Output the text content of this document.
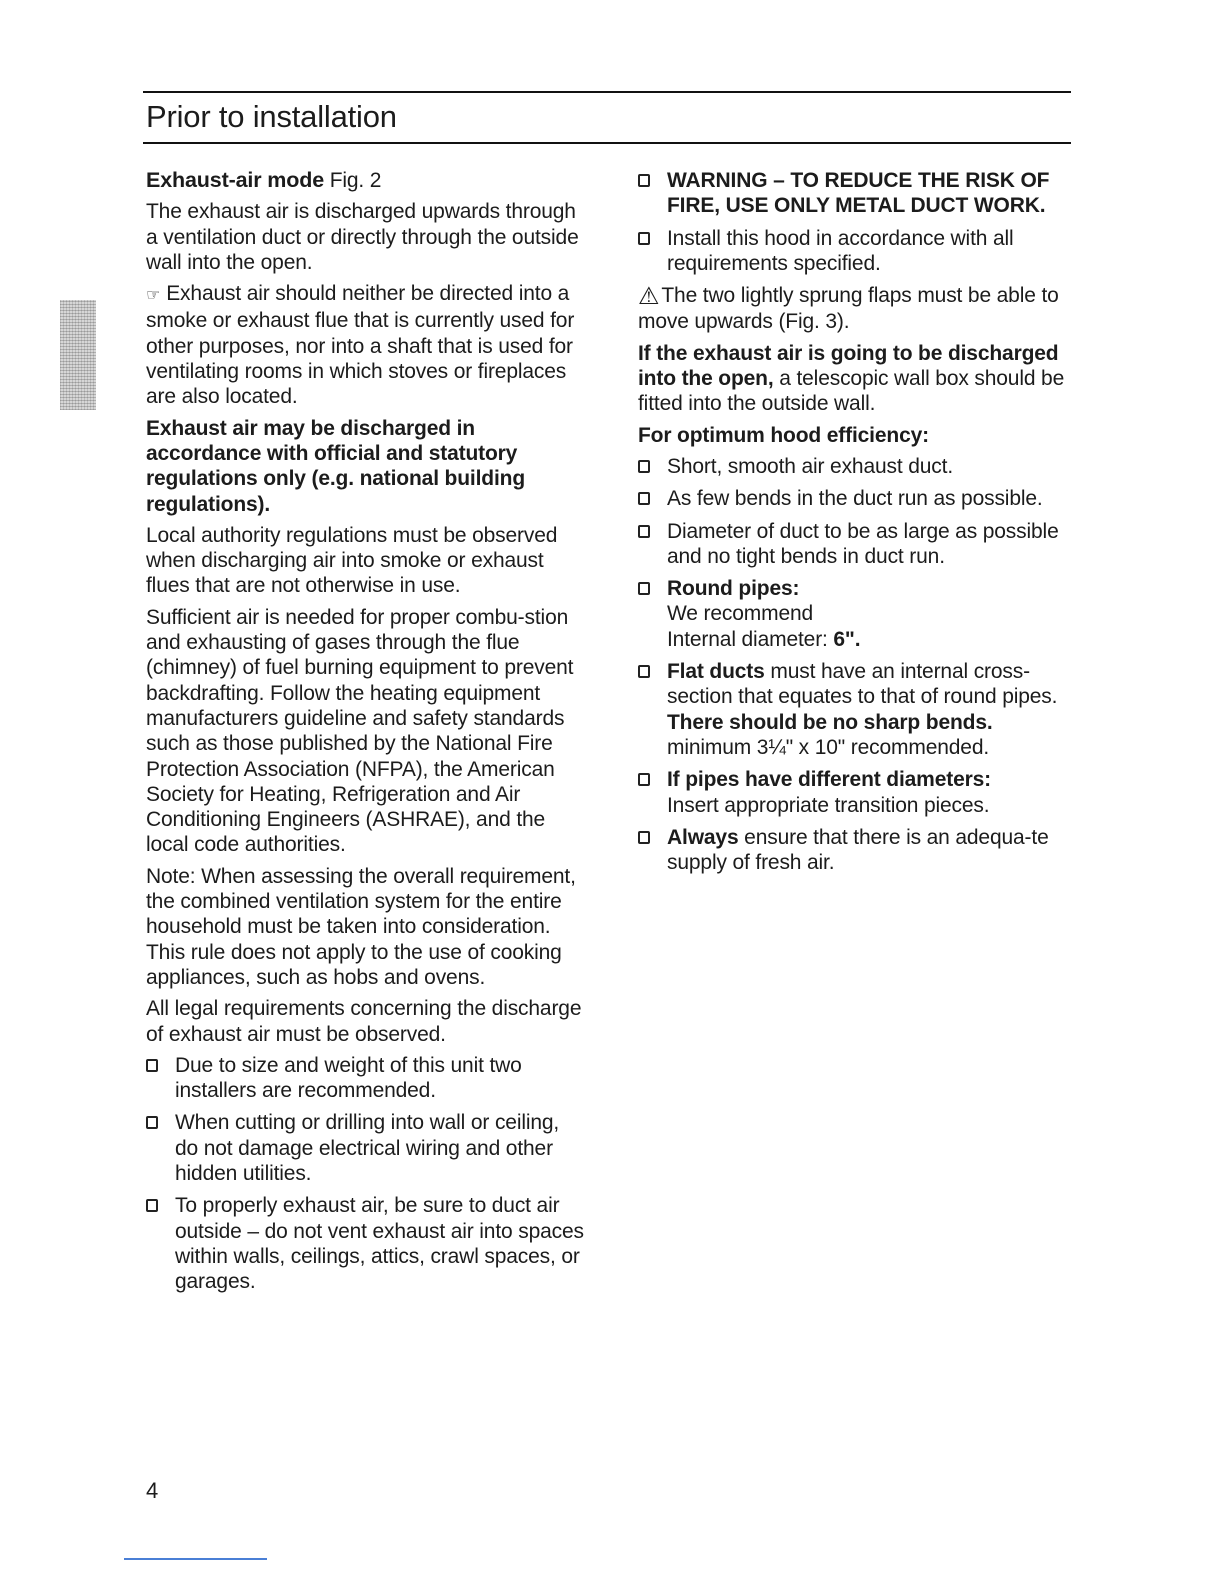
Prior to installation

Exhaust-air mode Fig. 2

The exhaust air is discharged upwards through a ventilation duct or directly through the outside wall into the open.

☞ Exhaust air should neither be directed into a smoke or exhaust flue that is currently used for other purposes, nor into a shaft that is used for ventilating rooms in which stoves or fireplaces are also located.

Exhaust air may be discharged in accordance with official and statutory regulations only (e.g. national building regulations).

Local authority regulations must be observed when discharging air into smoke or exhaust flues that are not otherwise in use.

Sufficient air is needed for proper combu-stion and exhausting of gases through the flue (chimney) of fuel burning equipment to prevent backdrafting. Follow the heating equipment manufacturers guideline and safety standards such as those published by the National Fire Protection Association (NFPA), the American Society for Heating, Refrigeration and Air Conditioning Engineers (ASHRAE), and the local code authorities.

Note: When assessing the overall requirement, the combined ventilation system for the entire household must be taken into consideration. This rule does not apply to the use of cooking appliances, such as hobs and ovens.

All legal requirements concerning the discharge of exhaust air must be observed.

Due to size and weight of this unit two installers are recommended.
When cutting or drilling into wall or ceiling, do not damage electrical wiring and other hidden utilities.
To properly exhaust air, be sure to duct air outside – do not vent exhaust air into spaces within walls, ceilings, attics, crawl spaces, or garages.
WARNING – TO REDUCE THE RISK OF FIRE, USE ONLY METAL DUCT WORK.
Install this hood in accordance with all requirements specified.

⚠The two lightly sprung flaps must be able to move upwards (Fig. 3).

If the exhaust air is going to be discharged into the open, a telescopic wall box should be fitted into the outside wall.

For optimum hood efficiency:

Short, smooth air exhaust duct.
As few bends in the duct run as possible.
Diameter of duct to be as large as possible and no tight bends in duct run.
Round pipes:
We recommend
Internal diameter: 6".
Flat ducts must have an internal cross-section that equates to that of round pipes.
There should be no sharp bends.
minimum 3¼" x 10" recommended.
If pipes have different diameters:
Insert appropriate transition pieces.
Always ensure that there is an adequa-te supply of fresh air.
4
